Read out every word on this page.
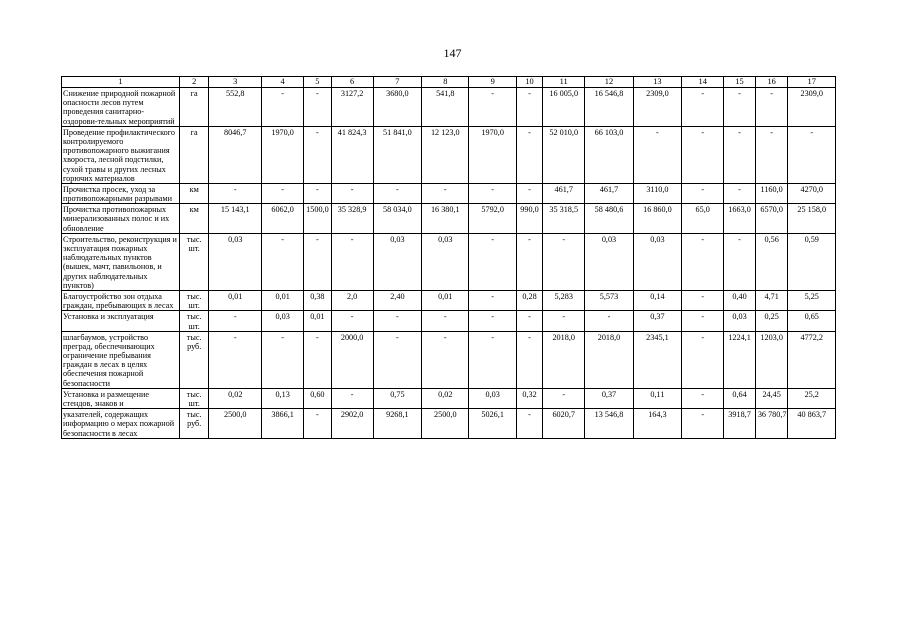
147
1	2	3	4	5	6	7	8	9	10	11	12	13	14	15	16	17
Снижение природной пожарной опасности лесов путем проведения санитарно-оздорови-тельных мероприятий	га	552,8	-	-	3127,2	3680,0	541,8	-	-	16 005,0	16 546,8	2309,0	-	-	-	2309,0
Проведение профилактического контролируемого противопожарного выжигания хвороста, лесной подстилки, сухой травы и других лесных горючих материалов	га	8046,7	1970,0	-	41 824,3	51 841,0	12 123,0	1970,0	-	52 010,0	66 103,0	-	-	-	-	-
Прочистка просек, уход за противопожарными разрывами	км	-	-	-	-	-	-	-	-	461,7	461,7	3110,0	-	-	1160,0	4270,0
Прочистка противопожарных минерализованных полос и их обновление	км	15 143,1	6062,0	1500,0	35 328,9	58 034,0	16 380,1	5792,0	990,0	35 318,5	58 480,6	16 860,0	65,0	1663,0	6570,0	25 158,0
Строительство, реконструкция и эксплуатация пожарных наблюдательных пунктов (вышек, мачт, павильонов, и других наблюдательных пунктов)	тыс. шт.	0,03	-	-	-	0,03	0,03	-	-	-	0,03	0,03	-	-	0,56	0,59
Благоустройство зон отдыха граждан, пребывающих в лесах	тыс. шт.	0,01	0,01	0,38	2,0	2,40	0,01	-	0,28	5,283	5,573	0,14	-	0,40	4,71	5,25
Установка и эксплуатация	тыс. шт.	-	0,03	0,01	-	-	-	-	-	-	-	0,37	-	0,03	0,25	0,65
шлагбаумов, устройство преград, обеспечивающих ограничение пребывания граждан в лесах в целях обеспечения пожарной безопасности	тыс. руб.	-	-	-	2000,0	-	-	-	-	2018,0	2018,0	2345,1	-	1224,1	1203,0	4772,2
Установка и размещение стендов, знаков и	тыс. шт.	0,02	0,13	0,60	-	0,75	0,02	0,03	0,32	-	0,37	0,11	-	0,64	24,45	25,2
указателей, содержащих информацию о мерах пожарной безопасности в лесах	тыс. руб.	2500,0	3866,1	-	2902,0	9268,1	2500,0	5026,1	-	6020,7	13 546,8	164,3	-	3918,7	36 780,7	40 863,7
